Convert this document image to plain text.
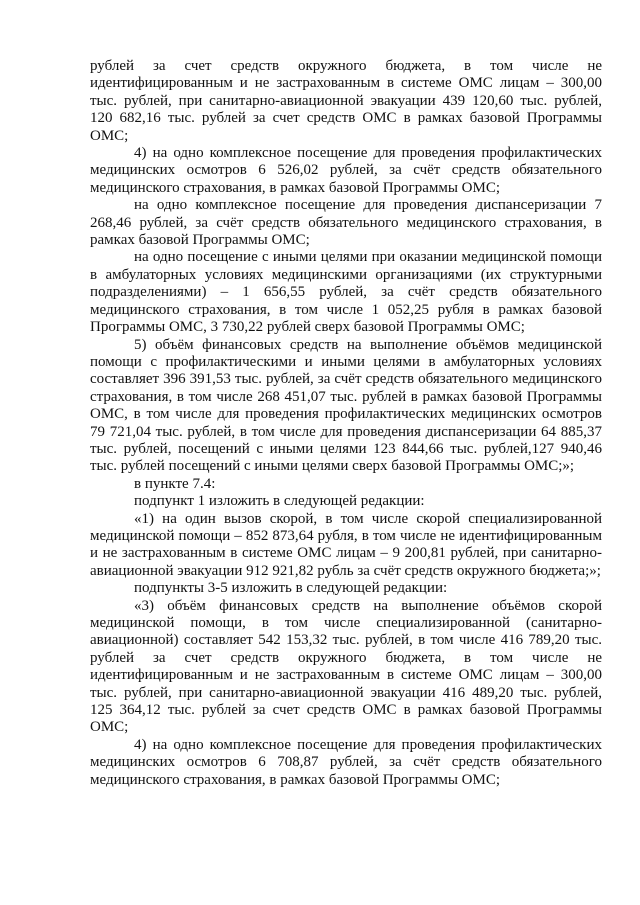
рублей за счет средств окружного бюджета, в том числе не идентифицированным и не застрахованным в системе ОМС лицам – 300,00 тыс. рублей, при санитарно-авиационной эвакуации 439 120,60 тыс. рублей, 120 682,16 тыс. рублей за счет средств ОМС в рамках базовой Программы ОМС;

4) на одно комплексное посещение для проведения профилактических медицинских осмотров 6 526,02 рублей, за счёт средств обязательного медицинского страхования, в рамках базовой Программы ОМС;

на одно комплексное посещение для проведения диспансеризации 7 268,46 рублей, за счёт средств обязательного медицинского страхования, в рамках базовой Программы ОМС;

на одно посещение с иными целями при оказании медицинской помощи в амбулаторных условиях медицинскими организациями (их структурными подразделениями) – 1 656,55 рублей, за счёт средств обязательного медицинского страхования, в том числе 1 052,25 рубля в рамках базовой Программы ОМС, 3 730,22 рублей сверх базовой Программы ОМС;

5) объём финансовых средств на выполнение объёмов медицинской помощи с профилактическими и иными целями в амбулаторных условиях составляет 396 391,53 тыс. рублей, за счёт средств обязательного медицинского страхования, в том числе 268 451,07 тыс. рублей в рамках базовой Программы ОМС, в том числе для проведения профилактических медицинских осмотров 79 721,04 тыс. рублей, в том числе для проведения диспансеризации 64 885,37 тыс. рублей, посещений с иными целями 123 844,66 тыс. рублей,127 940,46 тыс. рублей посещений с иными целями сверх базовой Программы ОМС;»;

в пункте 7.4:

подпункт 1 изложить в следующей редакции:

«1) на один вызов скорой, в том числе скорой специализированной медицинской помощи – 852 873,64 рубля, в том числе не идентифицированным и не застрахованным в системе ОМС лицам – 9 200,81 рублей, при санитарно-авиационной эвакуации 912 921,82 рубль за счёт средств окружного бюджета;»;

подпункты 3-5 изложить в следующей редакции:

«3) объём финансовых средств на выполнение объёмов скорой медицинской помощи, в том числе специализированной (санитарно-авиационной) составляет 542 153,32 тыс. рублей, в том числе 416 789,20 тыс. рублей за счет средств окружного бюджета, в том числе не идентифицированным и не застрахованным в системе ОМС лицам – 300,00 тыс. рублей, при санитарно-авиационной эвакуации 416 489,20 тыс. рублей, 125 364,12 тыс. рублей за счет средств ОМС в рамках базовой Программы ОМС;

4) на одно комплексное посещение для проведения профилактических медицинских осмотров 6 708,87 рублей, за счёт средств обязательного медицинского страхования, в рамках базовой Программы ОМС;
